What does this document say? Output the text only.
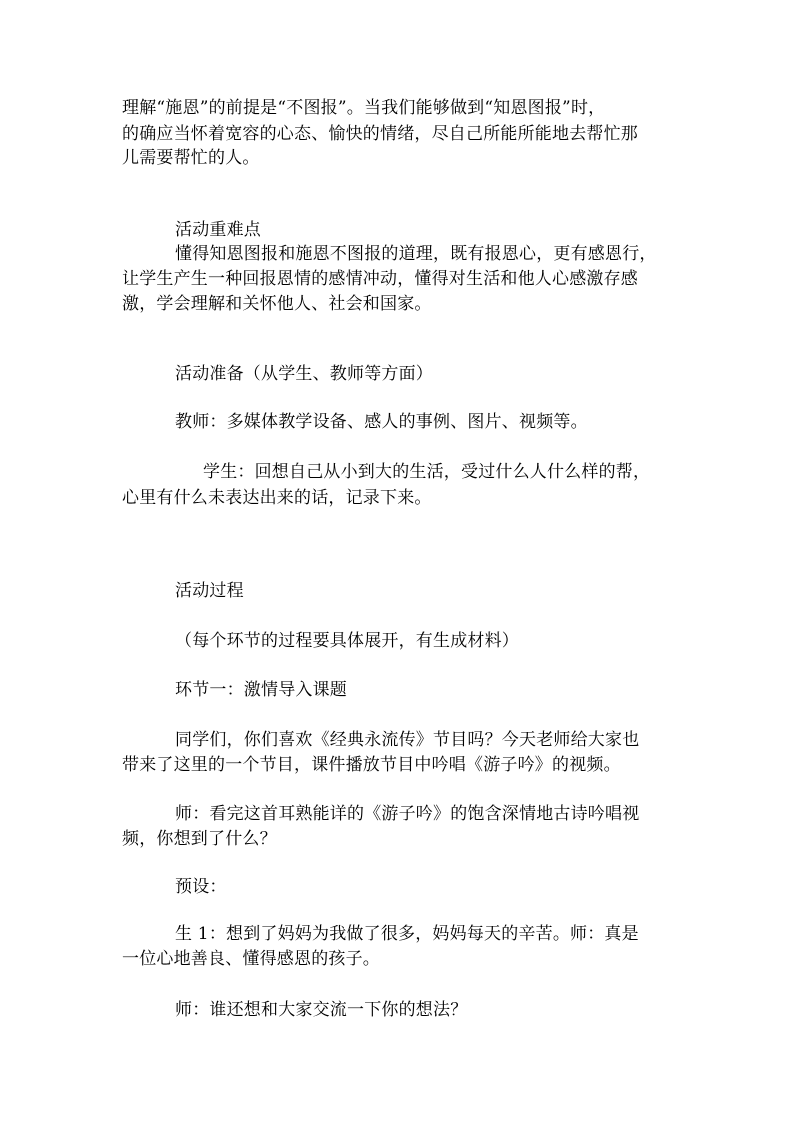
理解“施恩”的前提是“不图报”。当我们能够做到“知恩图报”时，
的确应当怀着宽容的心态、愉快的情绪，尽自己所能所能地去帮忙那
儿需要帮忙的人。
活动重难点
懂得知恩图报和施恩不图报的道理，既有报恩心，更有感恩行，
让学生产生一种回报恩情的感情冲动，懂得对生活和他人心感激存感
激，学会理解和关怀他人、社会和国家。
活动准备（从学生、教师等方面）
教师：多媒体教学设备、感人的事例、图片、视频等。
学生：回想自己从小到大的生活，受过什么人什么样的帮，
心里有什么未表达出来的话，记录下来。
活动过程
（每个环节的过程要具体展开，有生成材料）
环节一：激情导入课题
同学们，你们喜欢《经典永流传》节目吗？今天老师给大家也
带来了这里的一个节目，课件播放节目中吟唱《游子吟》的视频。
师：看完这首耳熟能详的《游子吟》的饱含深情地古诗吟唱视
频，你想到了什么？
预设：
生 1：想到了妈妈为我做了很多，妈妈每天的辛苦。师：真是
一位心地善良、懂得感恩的孩子。
师：谁还想和大家交流一下你的想法？
